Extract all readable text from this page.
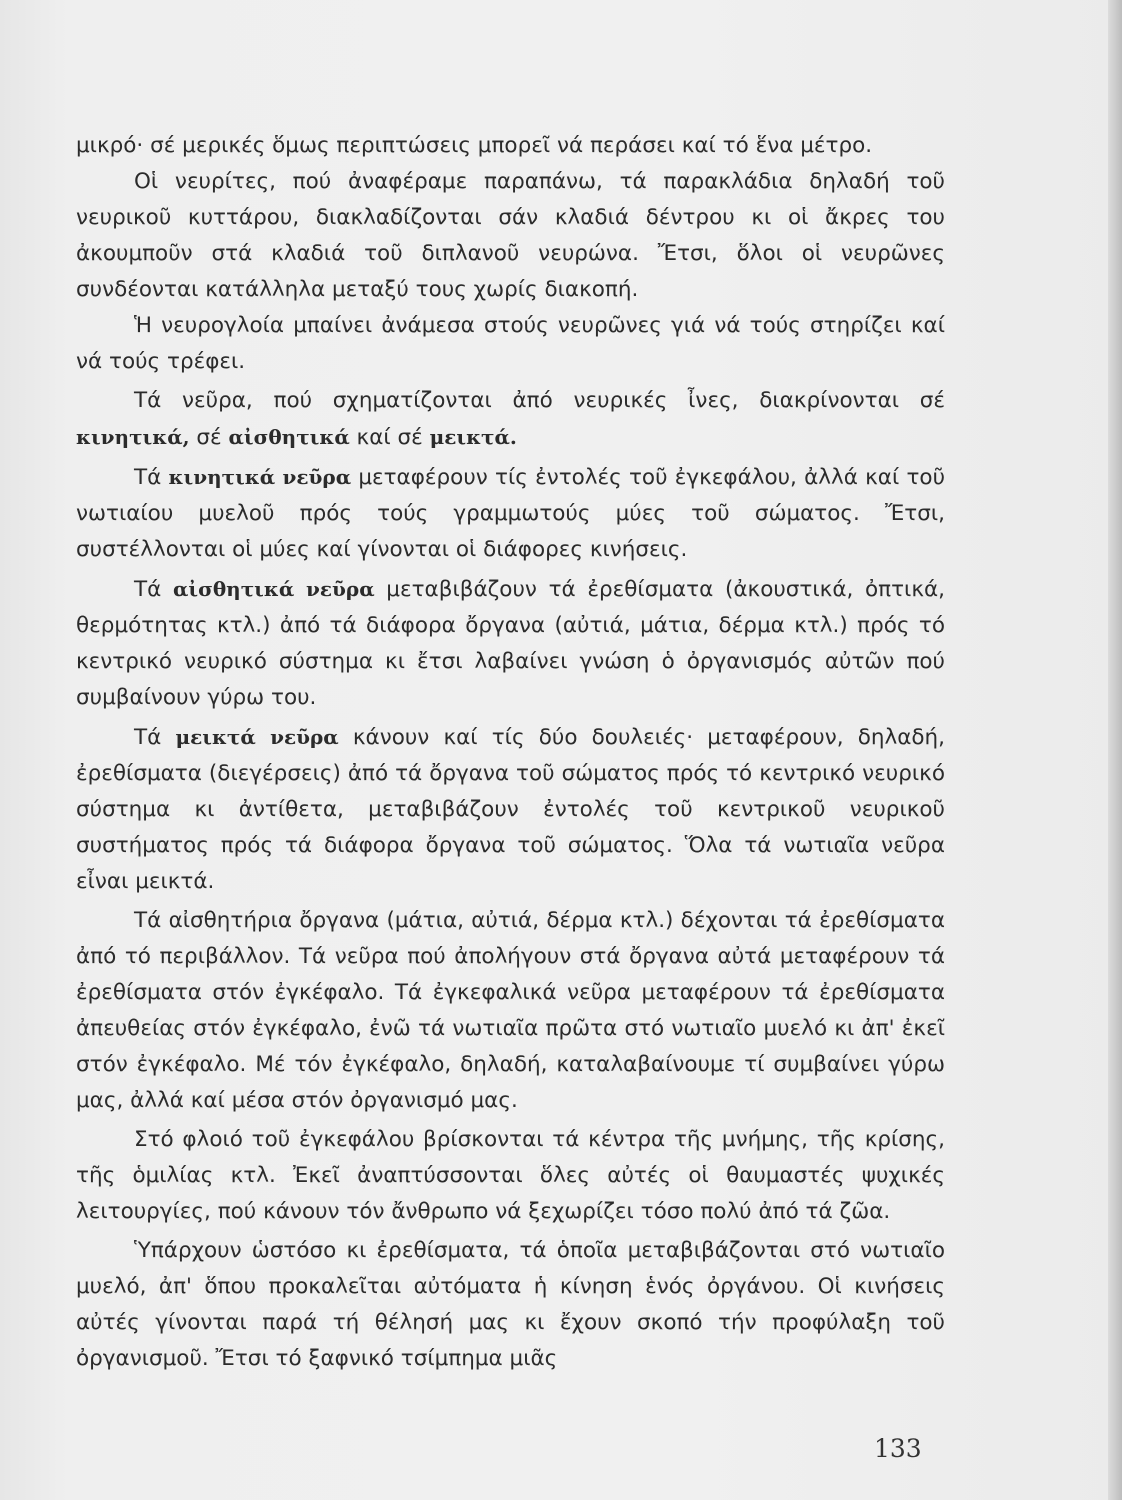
μικρό· σέ μερικές ὅμως περιπτώσεις μπορεῖ νά περάσει καί τό ἕνα μέτρο.

Οἱ νευρίτες, πού ἀναφέραμε παραπάνω, τά παρακλάδια δηλαδή τοῦ νευρικοῦ κυττάρου, διακλαδίζονται σάν κλαδιά δέντρου κι οἱ ἄκρες του ἀκουμποῦν στά κλαδιά τοῦ διπλανοῦ νευρώνα. Ἔτσι, ὅλοι οἱ νευρῶνες συνδέονται κατάλληλα μεταξύ τους χωρίς διακοπή.

Ἡ νευρογλοία μπαίνει ἀνάμεσα στούς νευρῶνες γιά νά τούς στηρίζει καί νά τούς τρέφει.

Τά νεῦρα, πού σχηματίζονται ἀπό νευρικές ἶνες, διακρίνονται σέ κινητικά, σέ αἰσθητικά καί σέ μεικτά.

Τά κινητικά νεῦρα μεταφέρουν τίς ἐντολές τοῦ ἐγκεφάλου, ἀλλά καί τοῦ νωτιαίου μυελοῦ πρός τούς γραμμωτούς μύες τοῦ σώματος. Ἔτσι, συστέλλονται οἱ μύες καί γίνονται οἱ διάφορες κινήσεις.

Τά αἰσθητικά νεῦρα μεταβιβάζουν τά ἐρεθίσματα (ἀκουστικά, ὀπτικά, θερμότητας κτλ.) ἀπό τά διάφορα ὄργανα (αὐτιά, μάτια, δέρμα κτλ.) πρός τό κεντρικό νευρικό σύστημα κι ἔτσι λαβαίνει γνώση ὁ ὀργανισμός αὐτῶν πού συμβαίνουν γύρω του.

Τά μεικτά νεῦρα κάνουν καί τίς δύο δουλειές· μεταφέρουν, δηλαδή, ἐρεθίσματα (διεγέρσεις) ἀπό τά ὄργανα τοῦ σώματος πρός τό κεντρικό νευρικό σύστημα κι ἀντίθετα, μεταβιβάζουν ἐντολές τοῦ κεντρικοῦ νευρικοῦ συστήματος πρός τά διάφορα ὄργανα τοῦ σώματος. Ὅλα τά νωτιαῖα νεῦρα εἶναι μεικτά.

Τά αἰσθητήρια ὄργανα (μάτια, αὐτιά, δέρμα κτλ.) δέχονται τά ἐρεθίσματα ἀπό τό περιβάλλον. Τά νεῦρα πού ἀπολήγουν στά ὄργανα αὐτά μεταφέρουν τά ἐρεθίσματα στόν ἐγκέφαλο. Τά ἐγκεφαλικά νεῦρα μεταφέρουν τά ἐρεθίσματα ἀπευθείας στόν ἐγκέφαλο, ἐνῶ τά νωτιαῖα πρῶτα στό νωτιαῖο μυελό κι ἀπ' ἐκεῖ στόν ἐγκέφαλο. Μέ τόν ἐγκέφαλο, δηλαδή, καταλαβαίνουμε τί συμβαίνει γύρω μας, ἀλλά καί μέσα στόν ὀργανισμό μας.

Στό φλοιό τοῦ ἐγκεφάλου βρίσκονται τά κέντρα τῆς μνήμης, τῆς κρίσης, τῆς ὁμιλίας κτλ. Ἐκεῖ ἀναπτύσσονται ὅλες αὐτές οἱ θαυμαστές ψυχικές λειτουργίες, πού κάνουν τόν ἄνθρωπο νά ξεχωρίζει τόσο πολύ ἀπό τά ζῶα.

Ὑπάρχουν ὡστόσο κι ἐρεθίσματα, τά ὁποῖα μεταβιβάζονται στό νωτιαῖο μυελό, ἀπ' ὅπου προκαλεῖται αὐτόματα ἡ κίνηση ἑνός ὀργάνου. Οἱ κινήσεις αὐτές γίνονται παρά τή θέλησή μας κι ἔχουν σκοπό τήν προφύλαξη τοῦ ὀργανισμοῦ. Ἔτσι τό ξαφνικό τσίμπημα μιᾶς

133
